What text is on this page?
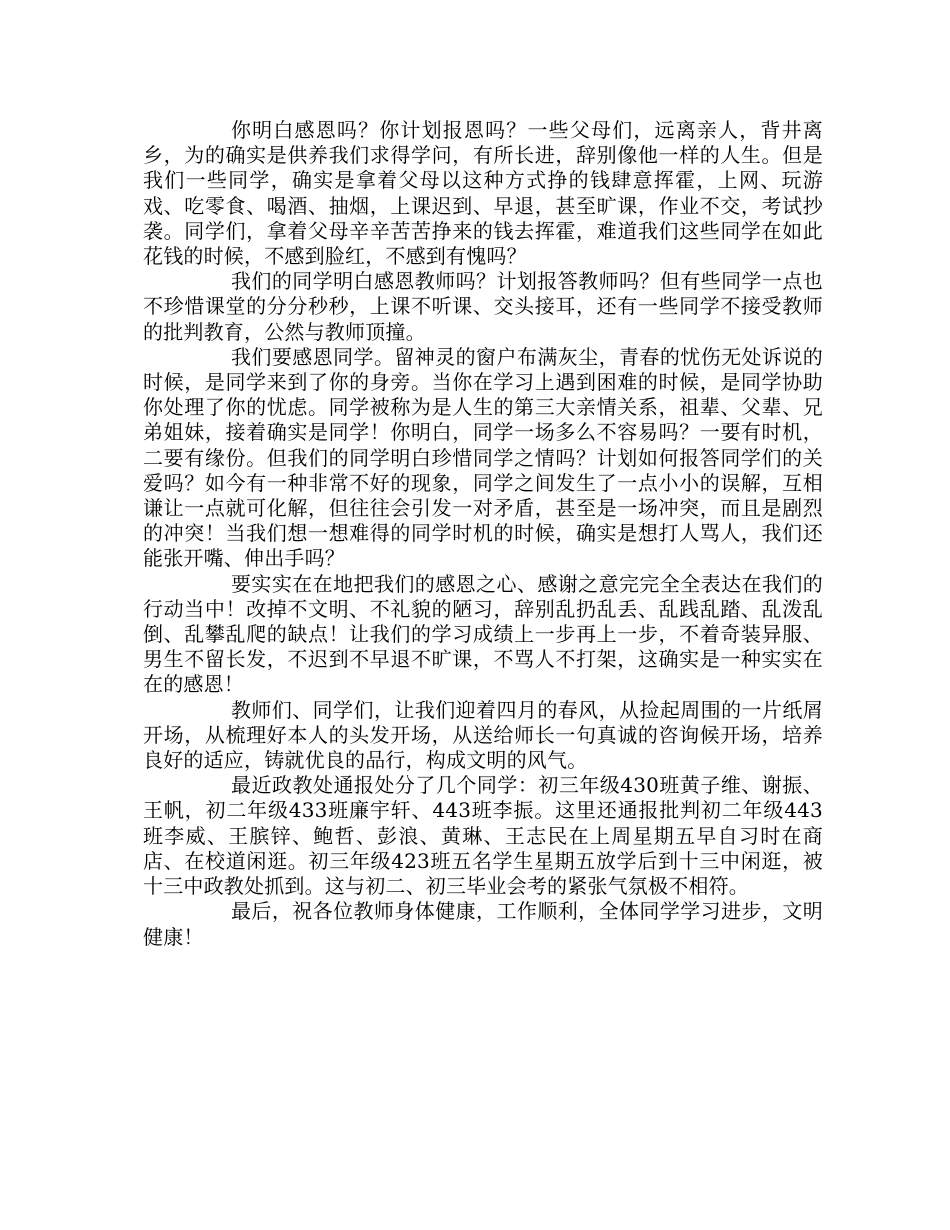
你明白感恩吗？你计划报恩吗？一些父母们，远离亲人，背井离乡，为的确实是供养我们求得学问，有所长进，辞别像他一样的人生。但是我们一些同学，确实是拿着父母以这种方式挣的钱肆意挥霍，上网、玩游戏、吃零食、喝酒、抽烟，上课迟到、早退，甚至旷课，作业不交，考试抄袭。同学们，拿着父母辛辛苦苦挣来的钱去挥霍，难道我们这些同学在如此花钱的时候，不感到脸红，不感到有愧吗？

我们的同学明白感恩教师吗？计划报答教师吗？但有些同学一点也不珍惜课堂的分分秒秒，上课不听课、交头接耳，还有一些同学不接受教师的批判教育，公然与教师顶撞。

我们要感恩同学。留神灵的窗户布满灰尘，青春的忧伤无处诉说的时候，是同学来到了你的身旁。当你在学习上遇到困难的时候，是同学协助你处理了你的忧虑。同学被称为是人生的第三大亲情关系，祖辈、父辈、兄弟姐妹，接着确实是同学！你明白，同学一场多么不容易吗？一要有时机，二要有缘份。但我们的同学明白珍惜同学之情吗？计划如何报答同学们的关爱吗？如今有一种非常不好的现象，同学之间发生了一点小小的误解，互相谦让一点就可化解，但往往会引发一对矛盾，甚至是一场冲突，而且是剧烈的冲突！当我们想一想难得的同学时机的时候，确实是想打人骂人，我们还能张开嘴、伸出手吗？

要实实在在地把我们的感恩之心、感谢之意完完全全表达在我们的行动当中！改掉不文明、不礼貌的陋习，辞别乱扔乱丢、乱践乱踏、乱泼乱倒、乱攀乱爬的缺点！让我们的学习成绩上一步再上一步，不着奇装异服、男生不留长发，不迟到不早退不旷课，不骂人不打架，这确实是一种实实在在的感恩！

教师们、同学们，让我们迎着四月的春风，从捡起周围的一片纸屑开场，从梳理好本人的头发开场，从送给师长一句真诚的咨询候开场，培养良好的适应，铸就优良的品行，构成文明的风气。

最近政教处通报处分了几个同学：初三年级430班黄子维、谢振、王帆，初二年级433班廉宇轩、443班李振。这里还通报批判初二年级443班李威、王膑锌、鲍哲、彭浪、黄琳、王志民在上周星期五早自习时在商店、在校道闲逛。初三年级423班五名学生星期五放学后到十三中闲逛，被十三中政教处抓到。这与初二、初三毕业会考的紧张气氛极不相符。

最后，祝各位教师身体健康，工作顺利，全体同学学习进步，文明健康！
